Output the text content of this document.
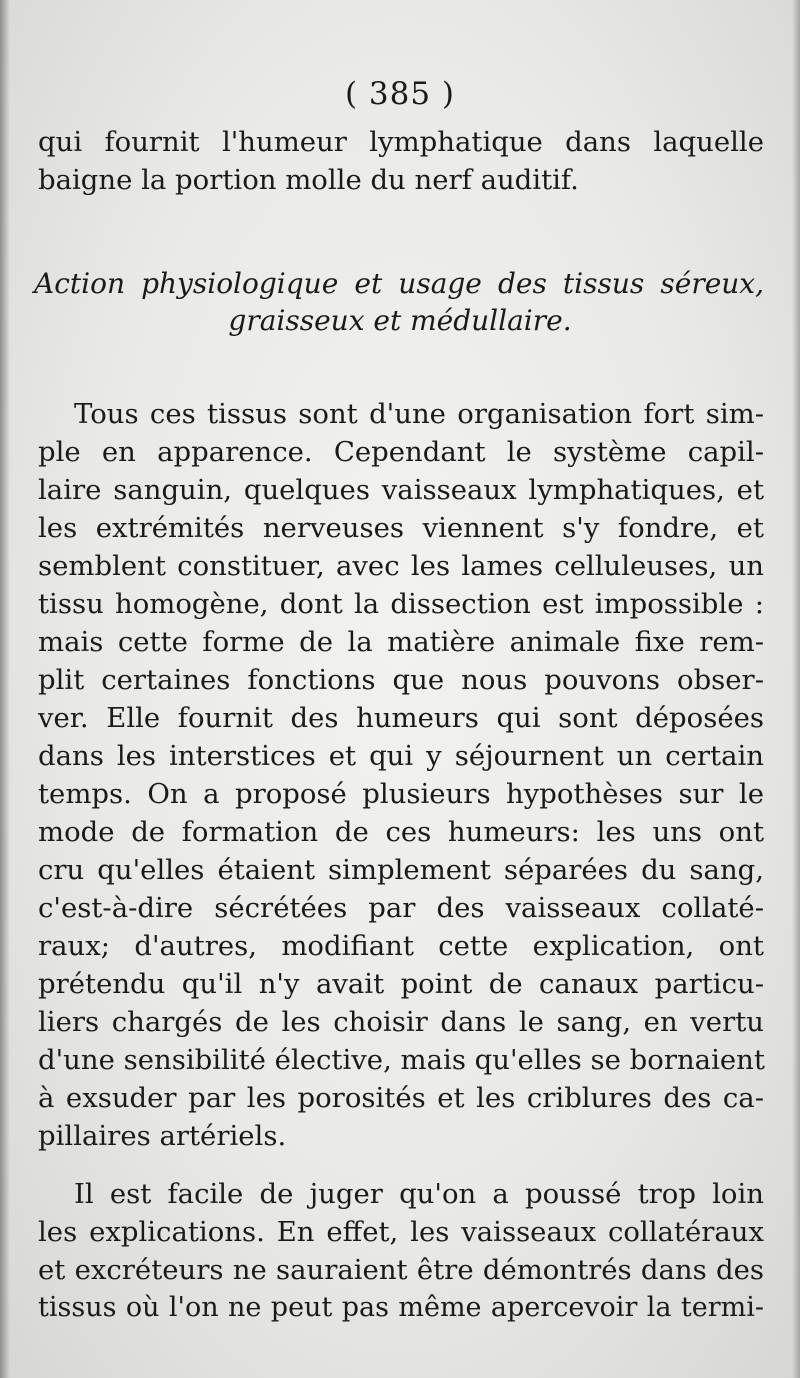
( 385 )
qui fournit l'humeur lymphatique dans laquelle
baigne la portion molle du nerf auditif.
Action physiologique et usage des tissus séreux,
graisseux et médullaire.
Tous ces tissus sont d'une organisation fort sim-
ple en apparence. Cependant le système capil-
laire sanguin, quelques vaisseaux lymphatiques, et
les extrémités nerveuses viennent s'y fondre, et
semblent constituer, avec les lames celluleuses, un
tissu homogène, dont la dissection est impossible :
mais cette forme de la matière animale fixe rem-
plit certaines fonctions que nous pouvons obser-
ver. Elle fournit des humeurs qui sont déposées
dans les interstices et qui y séjournent un certain
temps. On a proposé plusieurs hypothèses sur le
mode de formation de ces humeurs: les uns ont
cru qu'elles étaient simplement séparées du sang,
c'est-à-dire sécrétées par des vaisseaux collaté-
raux; d'autres, modifiant cette explication, ont
prétendu qu'il n'y avait point de canaux particu-
liers chargés de les choisir dans le sang, en vertu
d'une sensibilité élective, mais qu'elles se bornaient
à exsuder par les porosités et les criblures des ca-
pillaires artériels.
Il est facile de juger qu'on a poussé trop loin
les explications. En effet, les vaisseaux collatéraux
et excréteurs ne sauraient être démontrés dans des
tissus où l'on ne peut pas même apercevoir la termi-
